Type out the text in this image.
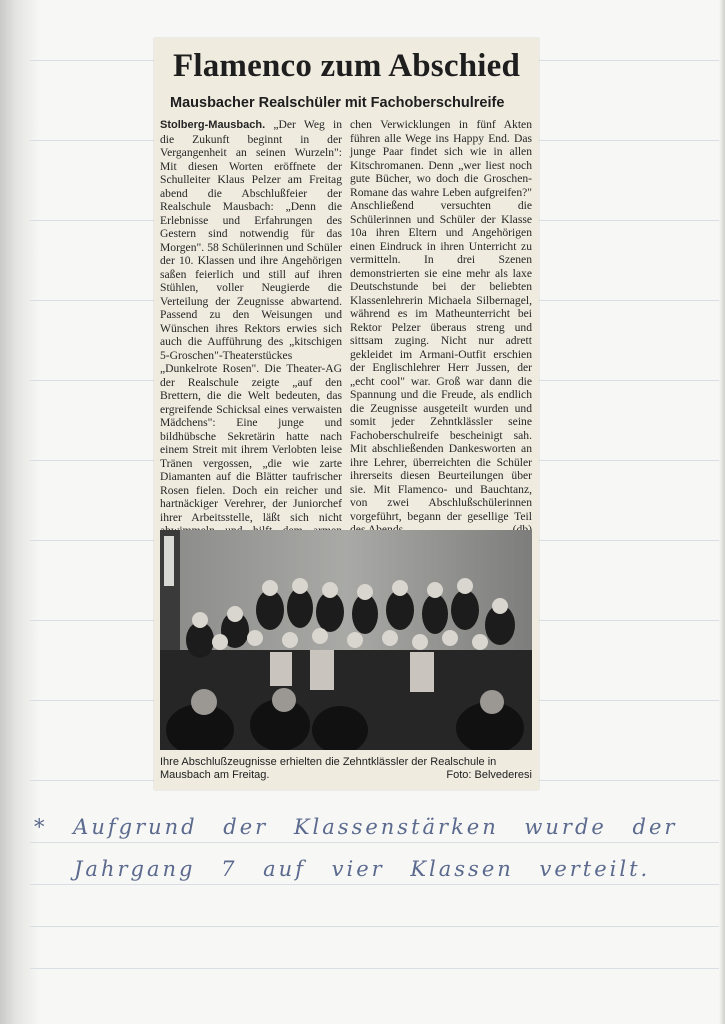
Flamenco zum Abschied
Mausbacher Realschüler mit Fachoberschulreife

Stolberg-Mausbach. „Der Weg in die Zukunft beginnt in der Vergangenheit an seinen Wurzeln": Mit diesen Worten eröffnete der Schulleiter Klaus Pelzer am Freitag abend die Abschlußfeier der Realschule Mausbach: „Denn die Erlebnisse und Erfahrungen des Gestern sind notwendig für das Morgen". 58 Schülerinnen und Schüler der 10. Klassen und ihre Angehörigen saßen feierlich und still auf ihren Stühlen, voller Neugierde die Verteilung der Zeugnisse abwartend. Passend zu den Weisungen und Wünschen ihres Rektors erwies sich auch die Aufführung des „kitschigen 5-Groschen"-Theaterstückes „Dunkelrote Rosen". Die Theater-AG der Realschule zeigte „auf den Brettern, die die Welt bedeuten, das ergreifende Schicksal eines verwaisten Mädchens": Eine junge und bildhübsche Sekretärin hatte nach einem Streit mit ihrem Verlobten leise Tränen vergossen, „die wie zarte Diamanten auf die Blätter taufrischer Rosen fielen. Doch ein reicher und hartnäckiger Verehrer, der Juniorchef ihrer Arbeitsstelle, läßt sich nicht

chen Verwicklungen in fünf Akten führen alle Wege ins Happy End. Das junge Paar findet sich wie in allen Kitschromanen. Denn „wer liest noch gute Bücher, wo doch die Groschen-Romane das wahre Leben aufgreifen?" Anschließend versuchten die Schülerinnen und Schüler der Klasse 10a ihren Eltern und Angehörigen einen Eindruck in ihren Unterricht zu vermitteln. In drei Szenen demonstrierten sie eine mehr als laxe Deutschstunde bei der beliebten Klassenlehrerin Michaela Silbernagel, während es im Matheunterricht bei Rektor Pelzer überaus streng und sittsam zuging. Nicht nur adrett gekleidet im Armani-Outfit erschien der Englischlehrer Herr Jussen, der „echt cool" war. Groß war dann die Spannung und die Freude, als endlich die Zeugnisse ausgeteilt wurden und somit jeder Zehntklässler seine Fachoberschulreife bescheinigt sah. Mit abschließenden Dankesworten an ihre Lehrer, überreichten die Schüler ihrerseits diesen Beurteilungen über sie. Mit Flamenco- und Bauchtanz, von zwei Abschlußschülerinnen vorgeführt, begann der gesellige Teil

Ihre Abschlußzeugnisse erhielten die Zehntklässler der Realschule in Mausbach am Freitag.	Foto: Belvederesi
* Aufgrund der Klassenstärken wurde der
Jahrgang 7 auf vier Klassen verteilt.
